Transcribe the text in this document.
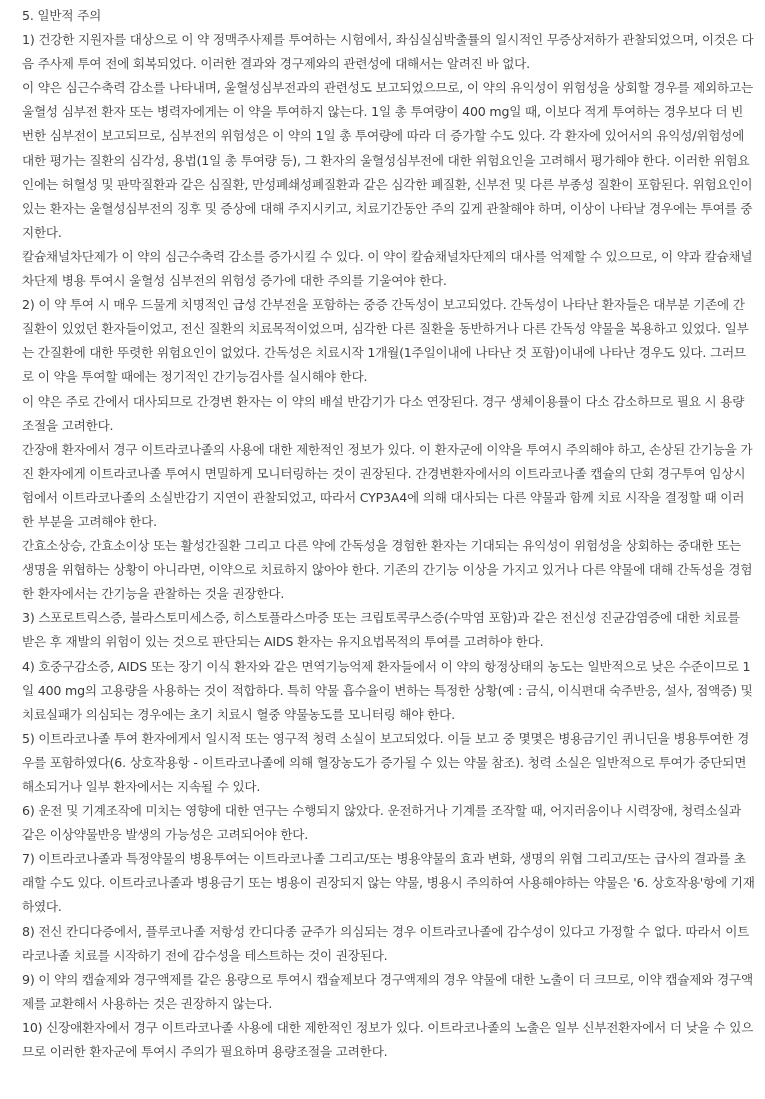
5. 일반적 주의

1) 건강한 지원자를 대상으로 이 약 정맥주사제를 투여하는 시험에서, 좌심실심박출률의 일시적인 무증상저하가 관찰되었으며, 이것은 다음 주사제 투여 전에 회복되었다. 이러한 결과와 경구제와의 관련성에 대해서는 알려진 바 없다.

이 약은 심근수축력 감소를 나타내며, 울혈성심부전과의 관련성도 보고되었으므로, 이 약의 유익성이 위험성을 상회할 경우를 제외하고는 울혈성 심부전 환자 또는 병력자에게는 이 약을 투여하지 않는다. 1일 총 투여량이 400 mg일 때, 이보다 적게 투여하는 경우보다 더 빈번한 심부전이 보고되므로, 심부전의 위험성은 이 약의 1일 총 투여량에 따라 더 증가할 수도 있다. 각 환자에 있어서의 유익성/위험성에 대한 평가는 질환의 심각성, 용법(1일 총 투여량 등), 그 환자의 울혈성심부전에 대한 위험요인을 고려해서 평가해야 한다. 이러한 위험요인에는 허혈성 및 판막질환과 같은 심질환, 만성폐쇄성폐질환과 같은 심각한 폐질환, 신부전 및 다른 부종성 질환이 포함된다. 위험요인이 있는 환자는 울혈성심부전의 징후 및 증상에 대해 주지시키고, 치료기간동안 주의 깊게 관찰해야 하며, 이상이 나타날 경우에는 투여를 중지한다.

칼슘채널차단제가 이 약의 심근수축력 감소를 증가시킬 수 있다. 이 약이 칼슘채널차단제의 대사를 억제할 수 있으므로, 이 약과 칼슘채널차단제 병용 투여시 울혈성 심부전의 위험성 증가에 대한 주의를 기울여야 한다.

2) 이 약 투여 시 매우 드물게 치명적인 급성 간부전을 포함하는 중증 간독성이 보고되었다. 간독성이 나타난 환자들은 대부분 기존에 간질환이 있었던 환자들이었고, 전신 질환의 치료목적이었으며, 심각한 다른 질환을 동반하거나 다른 간독성 약물을 복용하고 있었다. 일부는 간질환에 대한 뚜렷한 위험요인이 없었다. 간독성은 치료시작 1개월(1주일이내에 나타난 것 포함)이내에 나타난 경우도 있다. 그러므로 이 약을 투여할 때에는 정기적인 간기능검사를 실시해야 한다.

이 약은 주로 간에서 대사되므로 간경변 환자는 이 약의 배설 반감기가 다소 연장된다. 경구 생체이용률이 다소 감소하므로 필요 시 용량조절을 고려한다.

간장애 환자에서 경구 이트라코나졸의 사용에 대한 제한적인 정보가 있다. 이 환자군에 이약을 투여시 주의해야 하고, 손상된 간기능을 가진 환자에게 이트라코나졸 투여시 면밀하게 모니터링하는 것이 권장된다. 간경변환자에서의 이트라코나졸 캡슐의 단회 경구투여 임상시험에서 이트라코나졸의 소실반감기 지연이 관찰되었고, 따라서 CYP3A4에 의해 대사되는 다른 약물과 함께 치료 시작을 결정할 때 이러한 부분을 고려해야 한다.

간효소상승, 간효소이상 또는 활성간질환 그리고 다른 약에 간독성을 경험한 환자는 기대되는 유익성이 위험성을 상회하는 중대한 또는 생명을 위협하는 상황이 아니라면, 이약으로 치료하지 않아야 한다. 기존의 간기능 이상을 가지고 있거나 다른 약물에 대해 간독성을 경험한 환자에서는 간기능을 관찰하는 것을 권장한다.

3) 스포로트릭스증, 블라스토미세스증, 히스토플라스마증 또는 크립토콕쿠스증(수막염 포함)과 같은 전신성 진균감염증에 대한 치료를 받은 후 재발의 위험이 있는 것으로 판단되는 AIDS 환자는 유지요법목적의 투여를 고려하야 한다.

4) 호중구감소증, AIDS 또는 장기 이식 환자와 같은 면역기능억제 환자들에서 이 약의 항정상태의 농도는 일반적으로 낮은 수준이므로 1일 400 mg의 고용량을 사용하는 것이 적합하다. 특히 약물 흡수율이 변하는 특정한 상황(예 : 금식, 이식편대 숙주반응, 설사, 점액증) 및 치료실패가 의심되는 경우에는 초기 치료시 혈중 약물농도를 모니터링 해야 한다.

5) 이트라코나졸 투여 환자에게서 일시적 또는 영구적 청력 소실이 보고되었다. 이들 보고 중 몇몇은 병용금기인 퀴니딘을 병용투여한 경우를 포함하였다(6. 상호작용항 - 이트라코나졸에 의해 혈장농도가 증가될 수 있는 약물 참조). 청력 소실은 일반적으로 투여가 중단되면 해소되거나 일부 환자에서는 지속될 수 있다.

6) 운전 및 기계조작에 미치는 영향에 대한 연구는 수행되지 않았다. 운전하거나 기계를 조작할 때, 어지러움이나 시력장애, 청력소실과 같은 이상약물반응 발생의 가능성은 고려되어야 한다.

7) 이트라코나졸과 특정약물의 병용투여는 이트라코나졸 그리고/또는 병용약물의 효과 변화, 생명의 위협 그리고/또는 급사의 결과를 초래할 수도 있다. 이트라코나졸과 병용금기 또는 병용이 권장되지 않는 약물, 병용시 주의하여 사용해야하는 약물은 '6. 상호작용'항에 기재하였다.

8) 전신 칸디다증에서, 플루코나졸 저항성 칸디다종 균주가 의심되는 경우 이트라코나졸에 감수성이 있다고 가정할 수 없다. 따라서 이트라코나졸 치료를 시작하기 전에 감수성을 테스트하는 것이 권장된다.

9) 이 약의 캡슐제와 경구액제를 같은 용량으로 투여시 캡슐제보다 경구액제의 경우 약물에 대한 노출이 더 크므로, 이약 캡슐제와 경구액제를 교환해서 사용하는 것은 권장하지 않는다.

10) 신장애환자에서 경구 이트라코나졸 사용에 대한 제한적인 정보가 있다. 이트라코나졸의 노출은 일부 신부전환자에서 더 낮을 수 있으므로 이러한 환자군에 투여시 주의가 필요하며 용량조절을 고려한다.
